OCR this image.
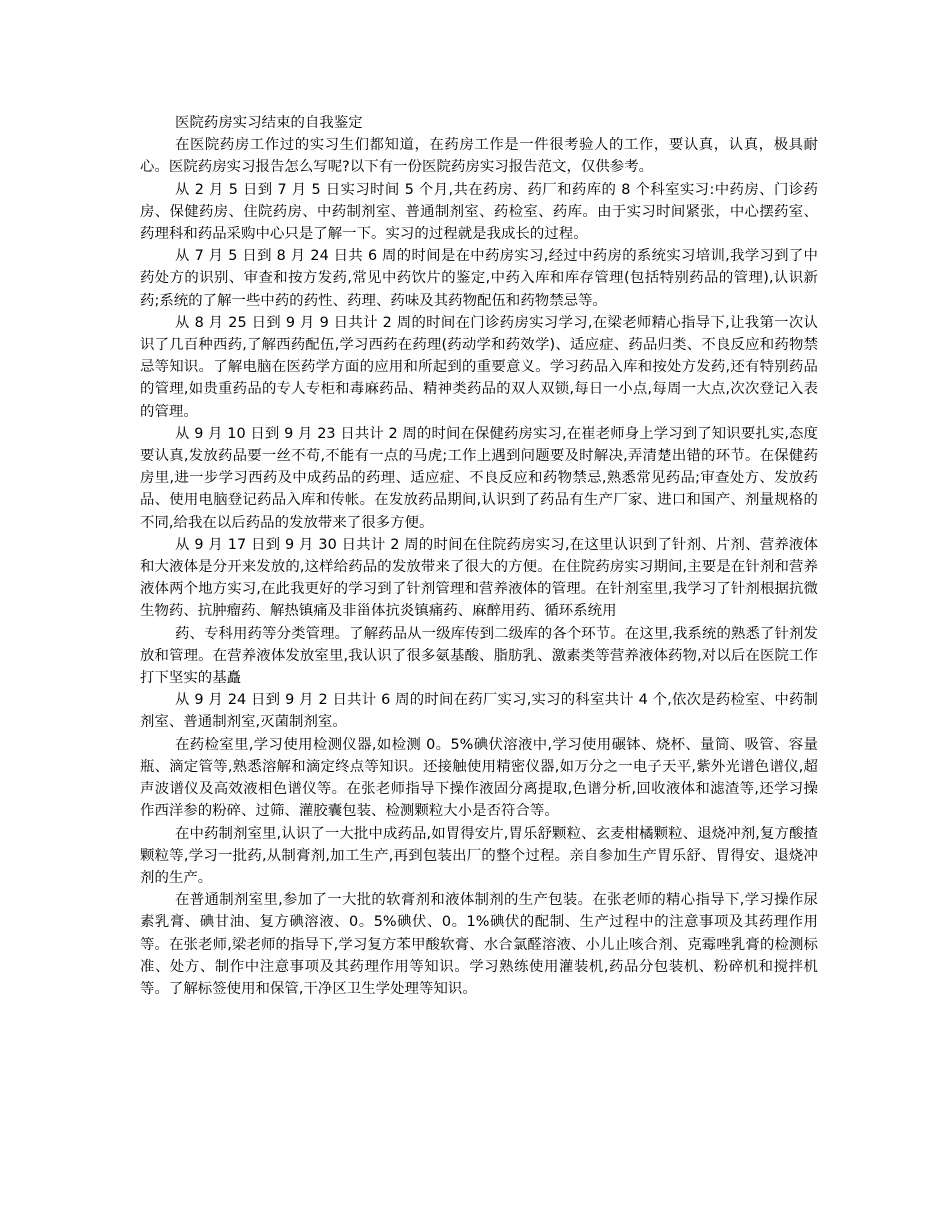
医院药房实习结束的自我鉴定

在医院药房工作过的实习生们都知道，在药房工作是一件很考验人的工作，要认真，认真，极具耐心。医院药房实习报告怎么写呢?以下有一份医院药房实习报告范文，仅供参考。

从 2 月 5 日到 7 月 5 日实习时间 5 个月,共在药房、药厂和药库的 8 个科室实习:中药房、门诊药房、保健药房、住院药房、中药制剂室、普通制剂室、药检室、药库。由于实习时间紧张，中心摆药室、药理科和药品采购中心只是了解一下。实习的过程就是我成长的过程。

从 7 月 5 日到 8 月 24 日共 6 周的时间是在中药房实习,经过中药房的系统实习培训,我学习到了中药处方的识别、审查和按方发药,常见中药饮片的鉴定,中药入库和库存管理(包括特别药品的管理),认识新药;系统的了解一些中药的药性、药理、药味及其药物配伍和药物禁忌等。

从 8 月 25 日到 9 月 9 日共计 2 周的时间在门诊药房实习学习,在梁老师精心指导下,让我第一次认识了几百种西药,了解西药配伍,学习西药在药理(药动学和药效学)、适应症、药品归类、不良反应和药物禁忌等知识。了解电脑在医药学方面的应用和所起到的重要意义。学习药品入库和按处方发药,还有特别药品的管理,如贵重药品的专人专柜和毒麻药品、精神类药品的双人双锁,每日一小点,每周一大点,次次登记入表的管理。

从 9 月 10 日到 9 月 23 日共计 2 周的时间在保健药房实习,在崔老师身上学习到了知识要扎实,态度要认真,发放药品要一丝不苟,不能有一点的马虎;工作上遇到问题要及时解决,弄清楚出错的环节。在保健药房里,进一步学习西药及中成药品的药理、适应症、不良反应和药物禁忌,熟悉常见药品;审查处方、发放药品、使用电脑登记药品入库和传帐。在发放药品期间,认识到了药品有生产厂家、进口和国产、剂量规格的不同,给我在以后药品的发放带来了很多方便。

从 9 月 17 日到 9 月 30 日共计 2 周的时间在住院药房实习,在这里认识到了针剂、片剂、营养液体和大液体是分开来发放的,这样给药品的发放带来了很大的方便。在住院药房实习期间,主要是在针剂和营养液体两个地方实习,在此我更好的学习到了针剂管理和营养液体的管理。在针剂室里,我学习了针剂根据抗微生物药、抗肿瘤药、解热镇痛及非甾体抗炎镇痛药、麻醉用药、循环系统用

药、专科用药等分类管理。了解药品从一级库传到二级库的各个环节。在这里,我系统的熟悉了针剂发放和管理。在营养液体发放室里,我认识了很多氨基酸、脂肪乳、激素类等营养液体药物,对以后在医院工作打下坚实的基矗

从 9 月 24 日到 9 月 2 日共计 6 周的时间在药厂实习,实习的科室共计 4 个,依次是药检室、中药制剂室、普通制剂室,灭菌制剂室。

在药检室里,学习使用检测仪器,如检测 0。5%碘伏溶液中,学习使用碾钵、烧杯、量筒、吸管、容量瓶、滴定管等,熟悉溶解和滴定终点等知识。还接触使用精密仪器,如万分之一电子天平,紫外光谱色谱仪,超声波谱仪及高效液相色谱仪等。在张老师指导下操作液固分离提取,色谱分析,回收液体和滤渣等,还学习操作西洋参的粉碎、过筛、灌胶囊包装、检测颗粒大小是否符合等。

在中药制剂室里,认识了一大批中成药品,如胃得安片,胃乐舒颗粒、玄麦柑橘颗粒、退烧冲剂,复方酸揸颗粒等,学习一批药,从制膏剂,加工生产,再到包装出厂的整个过程。亲自参加生产胃乐舒、胃得安、退烧冲剂的生产。

在普通制剂室里,参加了一大批的软膏剂和液体制剂的生产包装。在张老师的精心指导下,学习操作尿素乳膏、碘甘油、复方碘溶液、0。5%碘伏、0。1%碘伏的配制、生产过程中的注意事项及其药理作用等。在张老师,梁老师的指导下,学习复方苯甲酸软膏、水合氯醛溶液、小儿止咳合剂、克霉唑乳膏的检测标准、处方、制作中注意事项及其药理作用等知识。学习熟练使用灌装机,药品分包装机、粉碎机和搅拌机等。了解标签使用和保管,干净区卫生学处理等知识。
